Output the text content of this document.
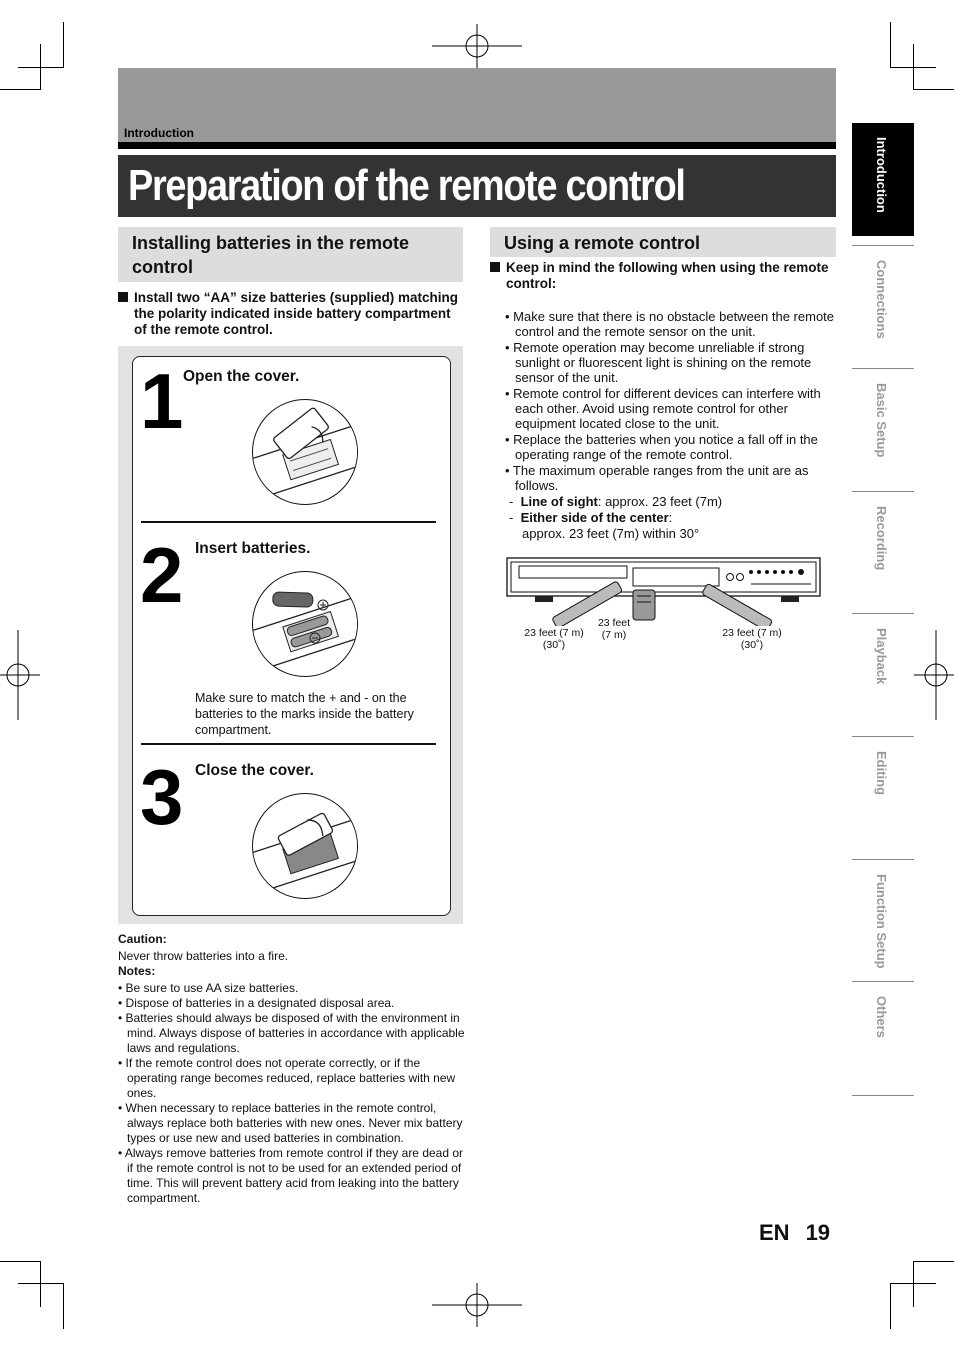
Introduction
Preparation of the remote control
Installing batteries in the remote control
Install two “AA” size batteries (supplied) matching the polarity indicated inside battery compartment of the remote control.
1 Open the cover.
2 Insert batteries.
Make sure to match the + and - on the batteries to the marks inside the battery compartment.
3 Close the cover.
Caution:
Never throw batteries into a fire.
Notes:
• Be sure to use AA size batteries.
• Dispose of batteries in a designated disposal area.
• Batteries should always be disposed of with the environment in mind. Always dispose of batteries in accordance with applicable laws and regulations.
• If the remote control does not operate correctly, or if the operating range becomes reduced, replace batteries with new ones.
• When necessary to replace batteries in the remote control, always replace both batteries with new ones. Never mix battery types or use new and used batteries in combination.
• Always remove batteries from remote control if they are dead or if the remote control is not to be used for an extended period of time. This will prevent battery acid from leaking into the battery compartment.
Using a remote control
Keep in mind the following when using the remote control:
• Make sure that there is no obstacle between the remote control and the remote sensor on the unit.
• Remote operation may become unreliable if strong sunlight or fluorescent light is shining on the remote sensor of the unit.
• Remote control for different devices can interfere with each other. Avoid using remote control for other equipment located close to the unit.
• Replace the batteries when you notice a fall off in the operating range of the remote control.
• The maximum operable ranges from the unit are as follows.
-  Line of sight: approx. 23 feet (7m)
-  Either side of the center:
approx. 23 feet (7m) within 30°
23 feet (7 m)
(30˚)
23 feet
(7 m)	23 feet (7 m)
(30˚)
Introduction
Connections
Basic Setup
Recording
Playback
Editing
Function Setup
Others
EN 19
